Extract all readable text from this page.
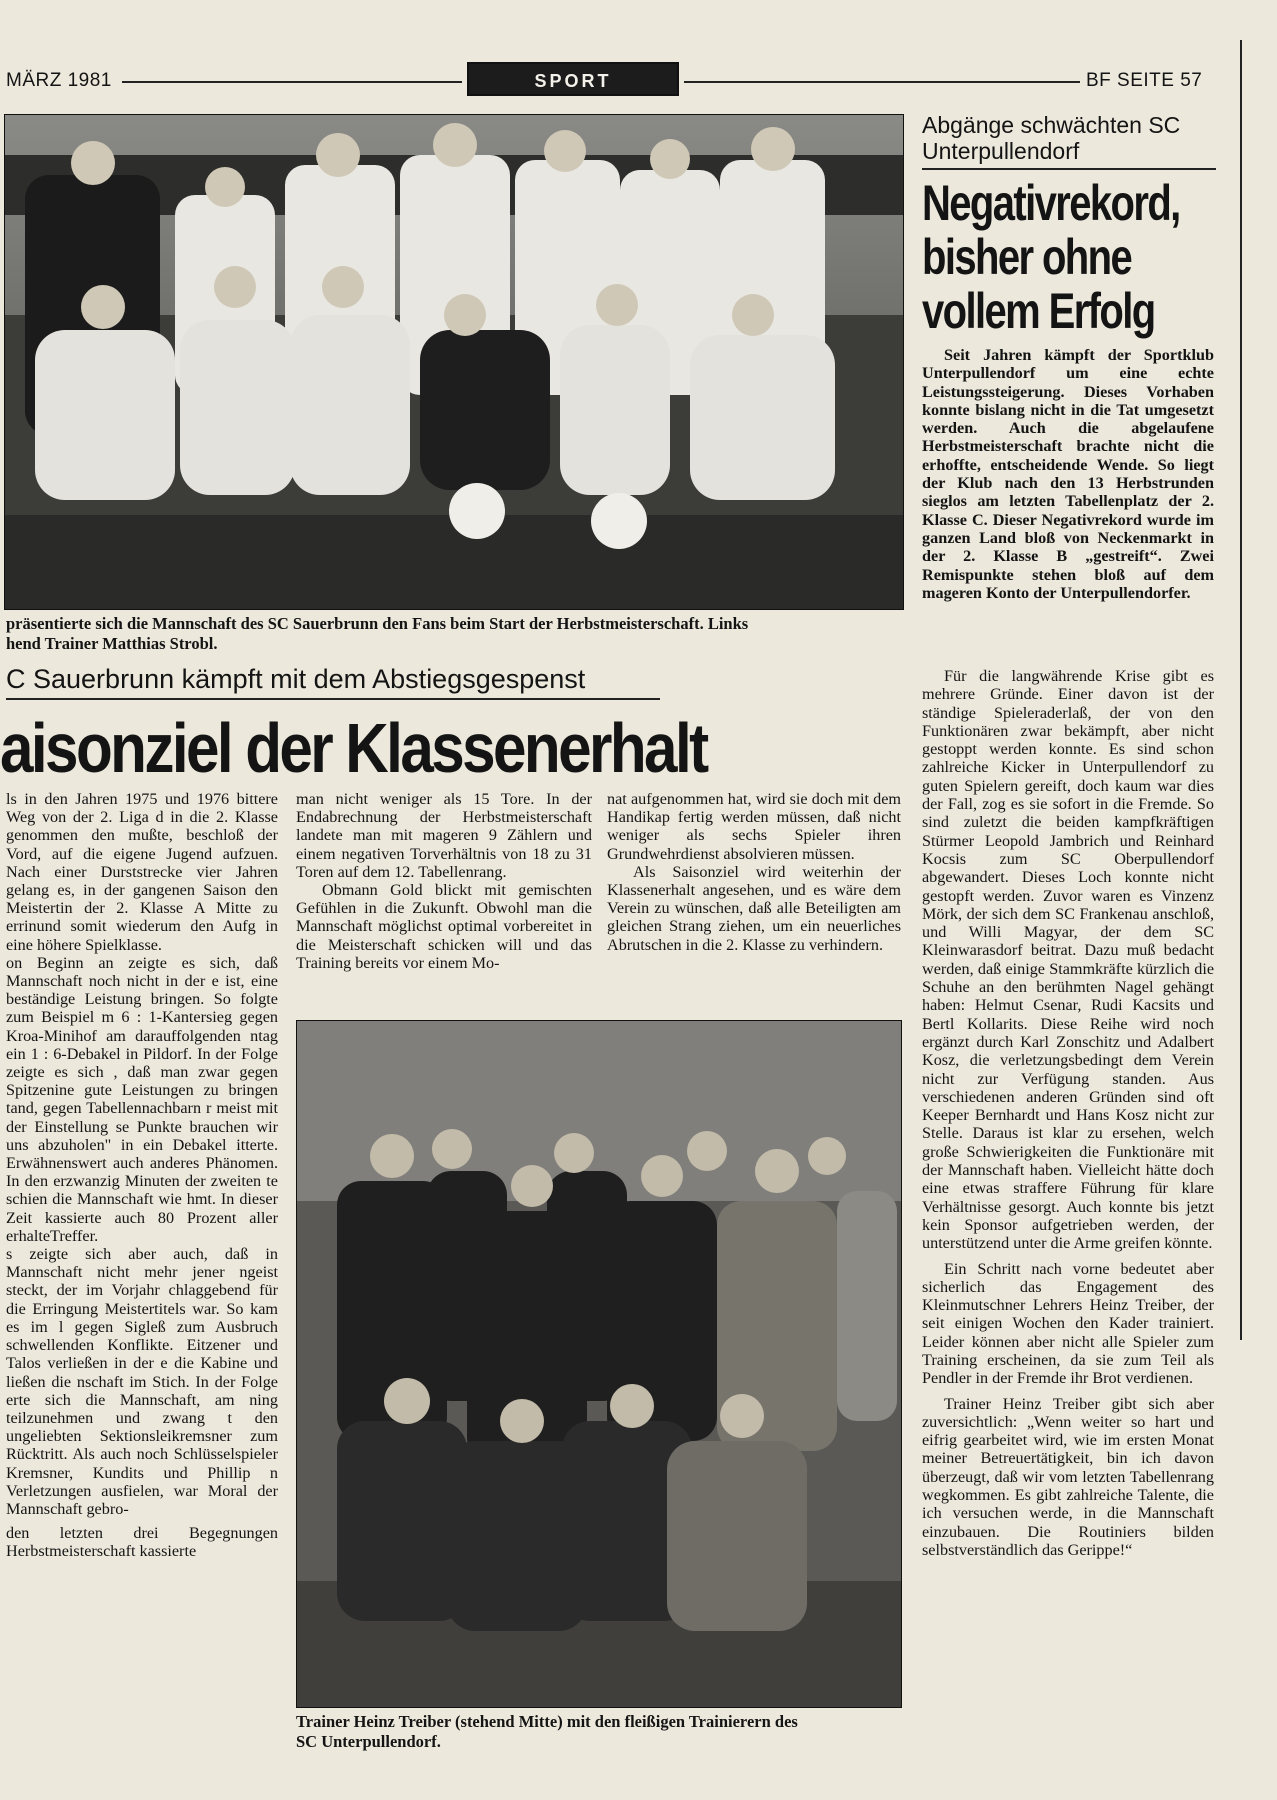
MÄRZ 1981	SPORT	BF SEITE 57
präsentierte sich die Mannschaft des SC Sauerbrunn den Fans beim Start der Herbstmeisterschaft. Links
hend Trainer Matthias Strobl.
C Sauerbrunn kämpft mit dem Abstiegsgespenst
aisonziel der Klassenerhalt

ls in den Jahren 1975 und 1976 bittere Weg von der 2. Liga d in die 2. Klasse genommen den mußte, beschloß der Vord, auf die eigene Jugend aufzuen. Nach einer Durststrecke vier Jahren gelang es, in der gangenen Saison den Meistertin der 2. Klasse A Mitte zu errinund somit wiederum den Aufg in eine höhere Spielklasse.

on Beginn an zeigte es sich, daß Mannschaft noch nicht in der e ist, eine beständige Leistung bringen. So folgte zum Beispiel m 6 : 1-Kantersieg gegen Kroa-Minihof am darauffolgenden ntag ein 1 : 6-Debakel in Pildorf. In der Folge zeigte es sich , daß man zwar gegen Spitzenine gute Leistungen zu bringen tand, gegen Tabellennachbarn r meist mit der Einstellung se Punkte brauchen wir uns abzuholen" in ein Debakel itterte. Erwähnenswert auch anderes Phänomen. In den erzwanzig Minuten der zweiten te schien die Mannschaft wie hmt. In dieser Zeit kassierte auch 80 Prozent aller erhalteTreffer.

s zeigte sich aber auch, daß in Mannschaft nicht mehr jener ngeist steckt, der im Vorjahr chlaggebend für die Erringung Meistertitels war. So kam es im l gegen Sigleß zum Ausbruch schwellenden Konflikte. Eitzener und Talos verließen in der e die Kabine und ließen die nschaft im Stich. In der Folge erte sich die Mannschaft, am ning teilzunehmen und zwang t den ungeliebten Sektionsleikremsner zum Rücktritt. Als auch noch Schlüsselspieler Kremsner, Kundits und Phillip n Verletzungen ausfielen, war Moral der Mannschaft gebro-

den letzten drei Begegnungen Herbstmeisterschaft kassierte

man nicht weniger als 15 Tore. In der Endabrechnung der Herbstmeisterschaft landete man mit mageren 9 Zählern und einem negativen Torverhältnis von 18 zu 31 Toren auf dem 12. Tabellenrang.

Obmann Gold blickt mit gemischten Gefühlen in die Zukunft. Obwohl man die Mannschaft möglichst optimal vorbereitet in die Meisterschaft schicken will und das Training bereits vor einem Mo-

nat aufgenommen hat, wird sie doch mit dem Handikap fertig werden müssen, daß nicht weniger als sechs Spieler ihren Grundwehrdienst absolvieren müssen.

Als Saisonziel wird weiterhin der Klassenerhalt angesehen, und es wäre dem Verein zu wünschen, daß alle Beteiligten am gleichen Strang ziehen, um ein neuerliches Abrutschen in die 2. Klasse zu verhindern.

Trainer Heinz Treiber (stehend Mitte) mit den fleißigen Trainierern des
SC Unterpullendorf.
Abgänge schwächten SC Unterpullendorf
Negativrekord, bisher ohne vollem Erfolg

Seit Jahren kämpft der Sportklub Unterpullendorf um eine echte Leistungssteigerung. Dieses Vorhaben konnte bislang nicht in die Tat umgesetzt werden. Auch die abgelaufene Herbstmeisterschaft brachte nicht die erhoffte, entscheidende Wende. So liegt der Klub nach den 13 Herbstrunden sieglos am letzten Tabellenplatz der 2. Klasse C. Dieser Negativrekord wurde im ganzen Land bloß von Neckenmarkt in der 2. Klasse B „gestreift“. Zwei Remispunkte stehen bloß auf dem mageren Konto der Unterpullendorfer.

Für die langwährende Krise gibt es mehrere Gründe. Einer davon ist der ständige Spieleraderlaß, der von den Funktionären zwar bekämpft, aber nicht gestoppt werden konnte. Es sind schon zahlreiche Kicker in Unterpullendorf zu guten Spielern gereift, doch kaum war dies der Fall, zog es sie sofort in die Fremde. So sind zuletzt die beiden kampfkräftigen Stürmer Leopold Jambrich und Reinhard Kocsis zum SC Oberpullendorf abgewandert. Dieses Loch konnte nicht gestopft werden. Zuvor waren es Vinzenz Mörk, der sich dem SC Frankenau anschloß, und Willi Magyar, der dem SC Kleinwarasdorf beitrat. Dazu muß bedacht werden, daß einige Stammkräfte kürzlich die Schuhe an den berühmten Nagel gehängt haben: Helmut Csenar, Rudi Kacsits und Bertl Kollarits. Diese Reihe wird noch ergänzt durch Karl Zonschitz und Adalbert Kosz, die verletzungsbedingt dem Verein nicht zur Verfügung standen. Aus verschiedenen anderen Gründen sind oft Keeper Bernhardt und Hans Kosz nicht zur Stelle. Daraus ist klar zu ersehen, welch große Schwierigkeiten die Funktionäre mit der Mannschaft haben. Vielleicht hätte doch eine etwas straffere Führung für klare Verhältnisse gesorgt. Auch konnte bis jetzt kein Sponsor aufgetrieben werden, der unterstützend unter die Arme greifen könnte.

Ein Schritt nach vorne bedeutet aber sicherlich das Engagement des Kleinmutschner Lehrers Heinz Treiber, der seit einigen Wochen den Kader trainiert. Leider können aber nicht alle Spieler zum Training erscheinen, da sie zum Teil als Pendler in der Fremde ihr Brot verdienen.

Trainer Heinz Treiber gibt sich aber zuversichtlich: „Wenn weiter so hart und eifrig gearbeitet wird, wie im ersten Monat meiner Betreuertätigkeit, bin ich davon überzeugt, daß wir vom letzten Tabellenrang wegkommen. Es gibt zahlreiche Talente, die ich versuchen werde, in die Mannschaft einzubauen. Die Routiniers bilden selbstverständlich das Gerippe!“
